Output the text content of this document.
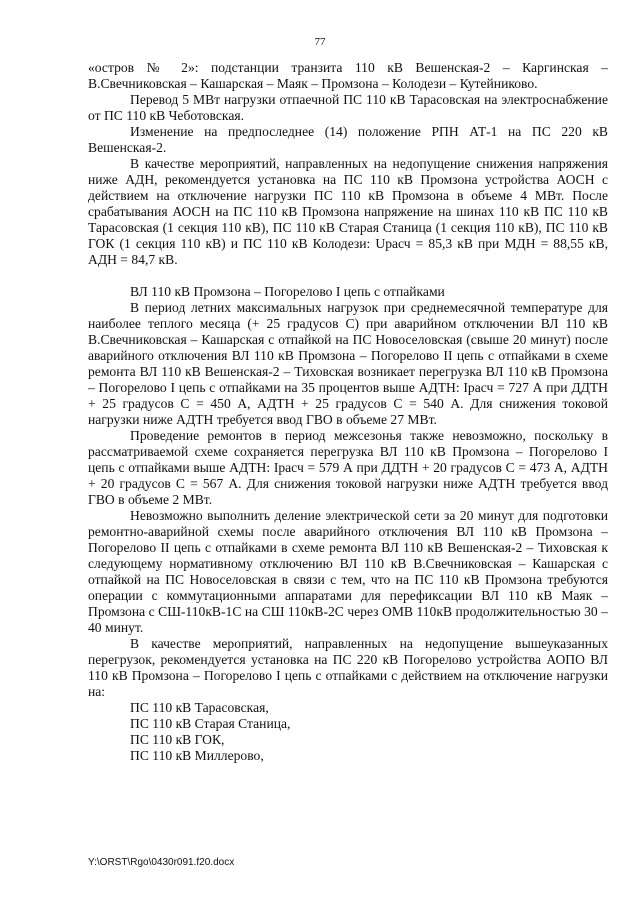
77

«остров № 2»: подстанции транзита 110 кВ Вешенская-2 – Каргинская – В.Свечниковская – Кашарская – Маяк – Промзона – Колодези – Кутейниково.

Перевод 5 МВт нагрузки отпаечной ПС 110 кВ Тарасовская на электроснабжение от ПС 110 кВ Чеботовская.

Изменение на предпоследнее (14) положение РПН АТ-1 на ПС 220 кВ Вешенская-2.

В качестве мероприятий, направленных на недопущение снижения напряжения ниже АДН, рекомендуется установка на ПС 110 кВ Промзона устройства АОСН с действием на отключение нагрузки ПС 110 кВ Промзона в объеме 4 МВт. После срабатывания АОСН на ПС 110 кВ Промзона напряжение на шинах 110 кВ ПС 110 кВ Тарасовская (1 секция 110 кВ), ПС 110 кВ Старая Станица (1 секция 110 кВ), ПС 110 кВ ГОК (1 секция 110 кВ) и ПС 110 кВ Колодези: Uрасч = 85,3 кВ при МДН = 88,55 кВ, АДН = 84,7 кВ.

ВЛ 110 кВ Промзона – Погорелово I цепь с отпайками

В период летних максимальных нагрузок при среднемесячной температуре для наиболее теплого месяца (+ 25 градусов С) при аварийном отключении ВЛ 110 кВ В.Свечниковская – Кашарская с отпайкой на ПС Новоселовская (свыше 20 минут) после аварийного отключения ВЛ 110 кВ Промзона – Погорелово II цепь с отпайками в схеме ремонта ВЛ 110 кВ Вешенская-2 – Тиховская возникает перегрузка ВЛ 110 кВ Промзона – Погорелово I цепь с отпайками на 35 процентов выше АДТН: Iрасч = 727 А при ДДТН + 25 градусов С = 450 А, АДТН + 25 градусов С = 540 А. Для снижения токовой нагрузки ниже АДТН требуется ввод ГВО в объеме 27 МВт.

Проведение ремонтов в период межсезонья также невозможно, поскольку в рассматриваемой схеме сохраняется перегрузка ВЛ 110 кВ Промзона – Погорелово I цепь с отпайками выше АДТН: Iрасч = 579 А при ДДТН + 20 градусов С = 473 А, АДТН + 20 градусов С = 567 А. Для снижения токовой нагрузки ниже АДТН требуется ввод ГВО в объеме 2 МВт.

Невозможно выполнить деление электрической сети за 20 минут для подготовки ремонтно-аварийной схемы после аварийного отключения ВЛ 110 кВ Промзона – Погорелово II цепь с отпайками в схеме ремонта ВЛ 110 кВ Вешенская-2 – Тиховская к следующему нормативному отключению ВЛ 110 кВ В.Свечниковская – Кашарская с отпайкой на ПС Новоселовская в связи с тем, что на ПС 110 кВ Промзона требуются операции с коммутационными аппаратами для перефиксации ВЛ 110 кВ Маяк – Промзона с СШ-110кВ-1С на СШ 110кВ-2С через ОМВ 110кВ продолжительностью 30 – 40 минут.

В качестве мероприятий, направленных на недопущение вышеуказанных перегрузок, рекомендуется установка на ПС 220 кВ Погорелово устройства АОПО ВЛ 110 кВ Промзона – Погорелово I цепь с отпайками с действием на отключение нагрузки на:

ПС 110 кВ Тарасовская,

ПС 110 кВ Старая Станица,

ПС 110 кВ ГОК,

ПС 110 кВ Миллерово,

Y:\ORST\Rgo\0430r091.f20.docx
